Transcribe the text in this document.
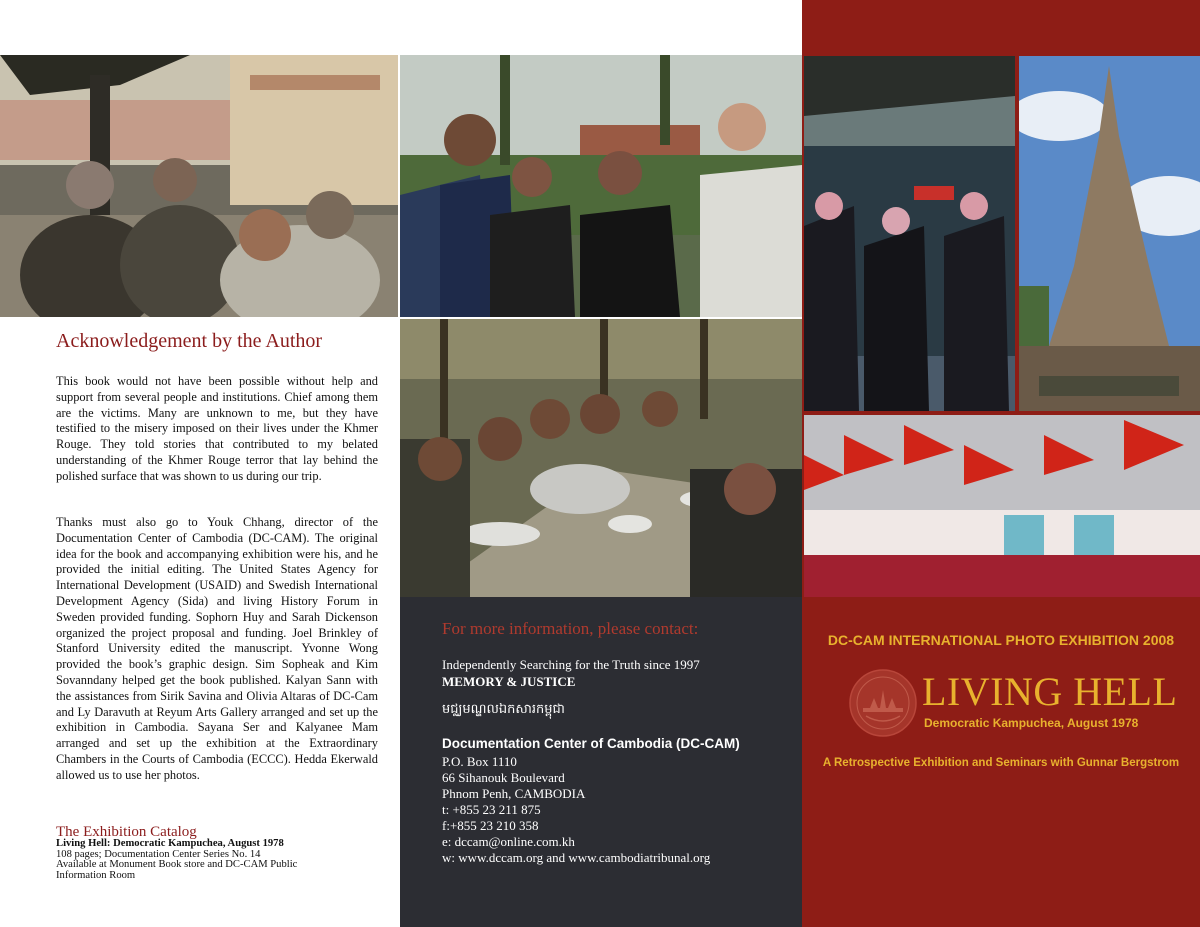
Acknowledgement by the Author
This book would not have been possible without help and support from several people and institutions. Chief among them are the victims. Many are unknown to me, but they have testified to the misery imposed on their lives under the Khmer Rouge. They told stories that contributed to my belated understanding of the Khmer Rouge terror that lay behind the polished surface that was shown to us during our trip.
Thanks must also go to Youk Chhang, director of the Documentation Center of Cambodia (DC-CAM). The original idea for the book and accompanying exhibition were his, and he provided the initial editing. The United States Agency for International Development (USAID) and Swedish International Development Agency (Sida) and living History Forum in Sweden provided funding. Sophorn Huy and Sarah Dickenson organized the project proposal and funding. Joel Brinkley of Stanford University edited the manuscript. Yvonne Wong provided the book’s graphic design. Sim Sopheak and Kim Sovanndany helped get the book published. Kalyan Sann with the assistances from Sirik Savina and Olivia Altaras of DC-Cam and Ly Daravuth at Reyum Arts Gallery arranged and set up the exhibition in Cambodia. Sayana Ser and Kalyanee Mam arranged and set up the exhibition at the Extraordinary Chambers in the Courts of Cambodia (ECCC). Hedda Ekerwald allowed us to use her photos.
The Exhibition Catalog
Living Hell: Democratic Kampuchea, August 1978
108 pages; Documentation Center Series No. 14
Available at Monument Book store and DC-CAM Public
Information Room
For more information, please contact:
Independently Searching for the Truth since 1997
MEMORY & JUSTICE
មជ្ឈមណ្ឌលឯកសារកម្ពុជា
Documentation Center of Cambodia (DC-CAM)
P.O. Box 1110
66 Sihanouk Boulevard
Phnom Penh, CAMBODIA
t: +855 23 211 875
f:+855 23 210 358
e: dccam@online.com.kh
w: www.dccam.org and www.cambodiatribunal.org
DC-CAM INTERNATIONAL PHOTO EXHIBITION 2008
LIVING HELL
Democratic Kampuchea, August 1978
A Retrospective Exhibition and Seminars with Gunnar Bergstrom
